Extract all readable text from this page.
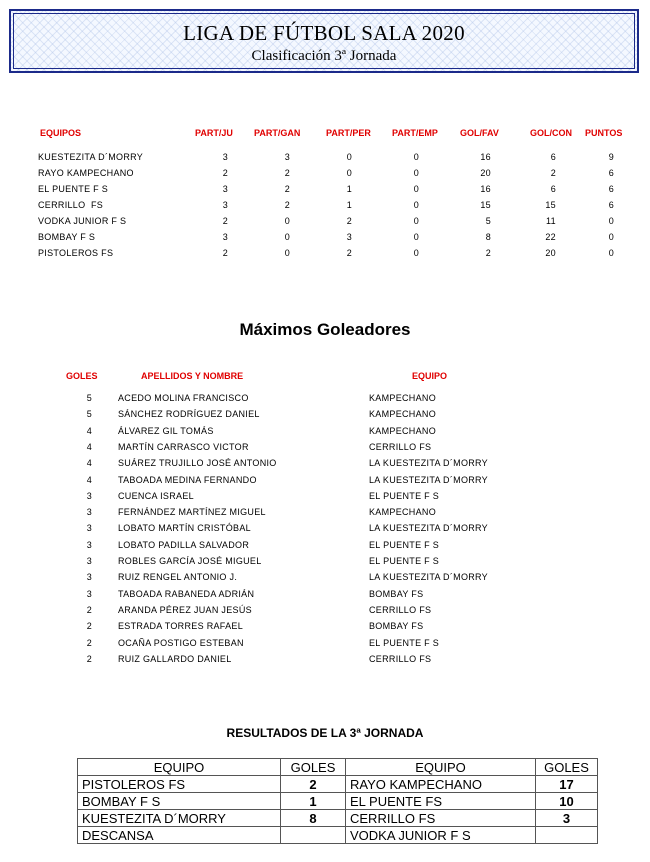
LIGA DE FÚTBOL SALA 2020
Clasificación 3ª Jornada
EQUIPOS	PART/JU PART/GAN	PART/PER PART/EMP GOL/FAV	GOL/CON PUNTOS
KUESTEZITA D´MORRY	3	3	0	0	16	6	9
RAYO KAMPECHANO	2	2	0	0	20	2	6
EL PUENTE F S	3	2	1	0	16	6	6
CERRILLO  FS	3	2	1	0	15	15	6
VODKA JUNIOR F S	2	0	2	0	5	11	0
BOMBAY F S	3	0	3	0	8	22	0
PISTOLEROS FS	2	0	2	0	2	20	0
Máximos Goleadores
GOLES	APELLIDOS Y NOMBRE	EQUIPO
5	ACEDO MOLINA FRANCISCO	KAMPECHANO
5	SÁNCHEZ RODRÍGUEZ DANIEL	KAMPECHANO
4	ÁLVAREZ GIL TOMÁS	KAMPECHANO
4	MARTÍN CARRASCO VICTOR	CERRILLO FS
4	SUÁREZ TRUJILLO JOSÉ ANTONIO	LA KUESTEZITA D´MORRY
4	TABOADA MEDINA FERNANDO	LA KUESTEZITA D´MORRY
3	CUENCA ISRAEL	EL PUENTE F S
3	FERNÁNDEZ MARTÍNEZ MIGUEL	KAMPECHANO
3	LOBATO MARTÍN CRISTÓBAL	LA KUESTEZITA D´MORRY
3	LOBATO PADILLA SALVADOR	EL PUENTE F S
3	ROBLES GARCÍA JOSÉ MIGUEL	EL PUENTE F S
3	RUIZ RENGEL ANTONIO J.	LA KUESTEZITA D´MORRY
3	TABOADA RABANEDA ADRIÁN	BOMBAY FS
2	ARANDA PÉREZ JUAN JESÚS	CERRILLO FS
2	ESTRADA TORRES RAFAEL	BOMBAY FS
2	OCAÑA POSTIGO ESTEBAN	EL PUENTE F S
2	RUIZ GALLARDO DANIEL	CERRILLO FS
RESULTADOS DE LA 3ª JORNADA
EQUIPO	GOLES	EQUIPO	GOLES
PISTOLEROS FS	2	RAYO KAMPECHANO	17
BOMBAY F S	1	EL PUENTE FS	10
KUESTEZITA D´MORRY	8	CERRILLO FS	3
DESCANSA		VODKA JUNIOR F S	
